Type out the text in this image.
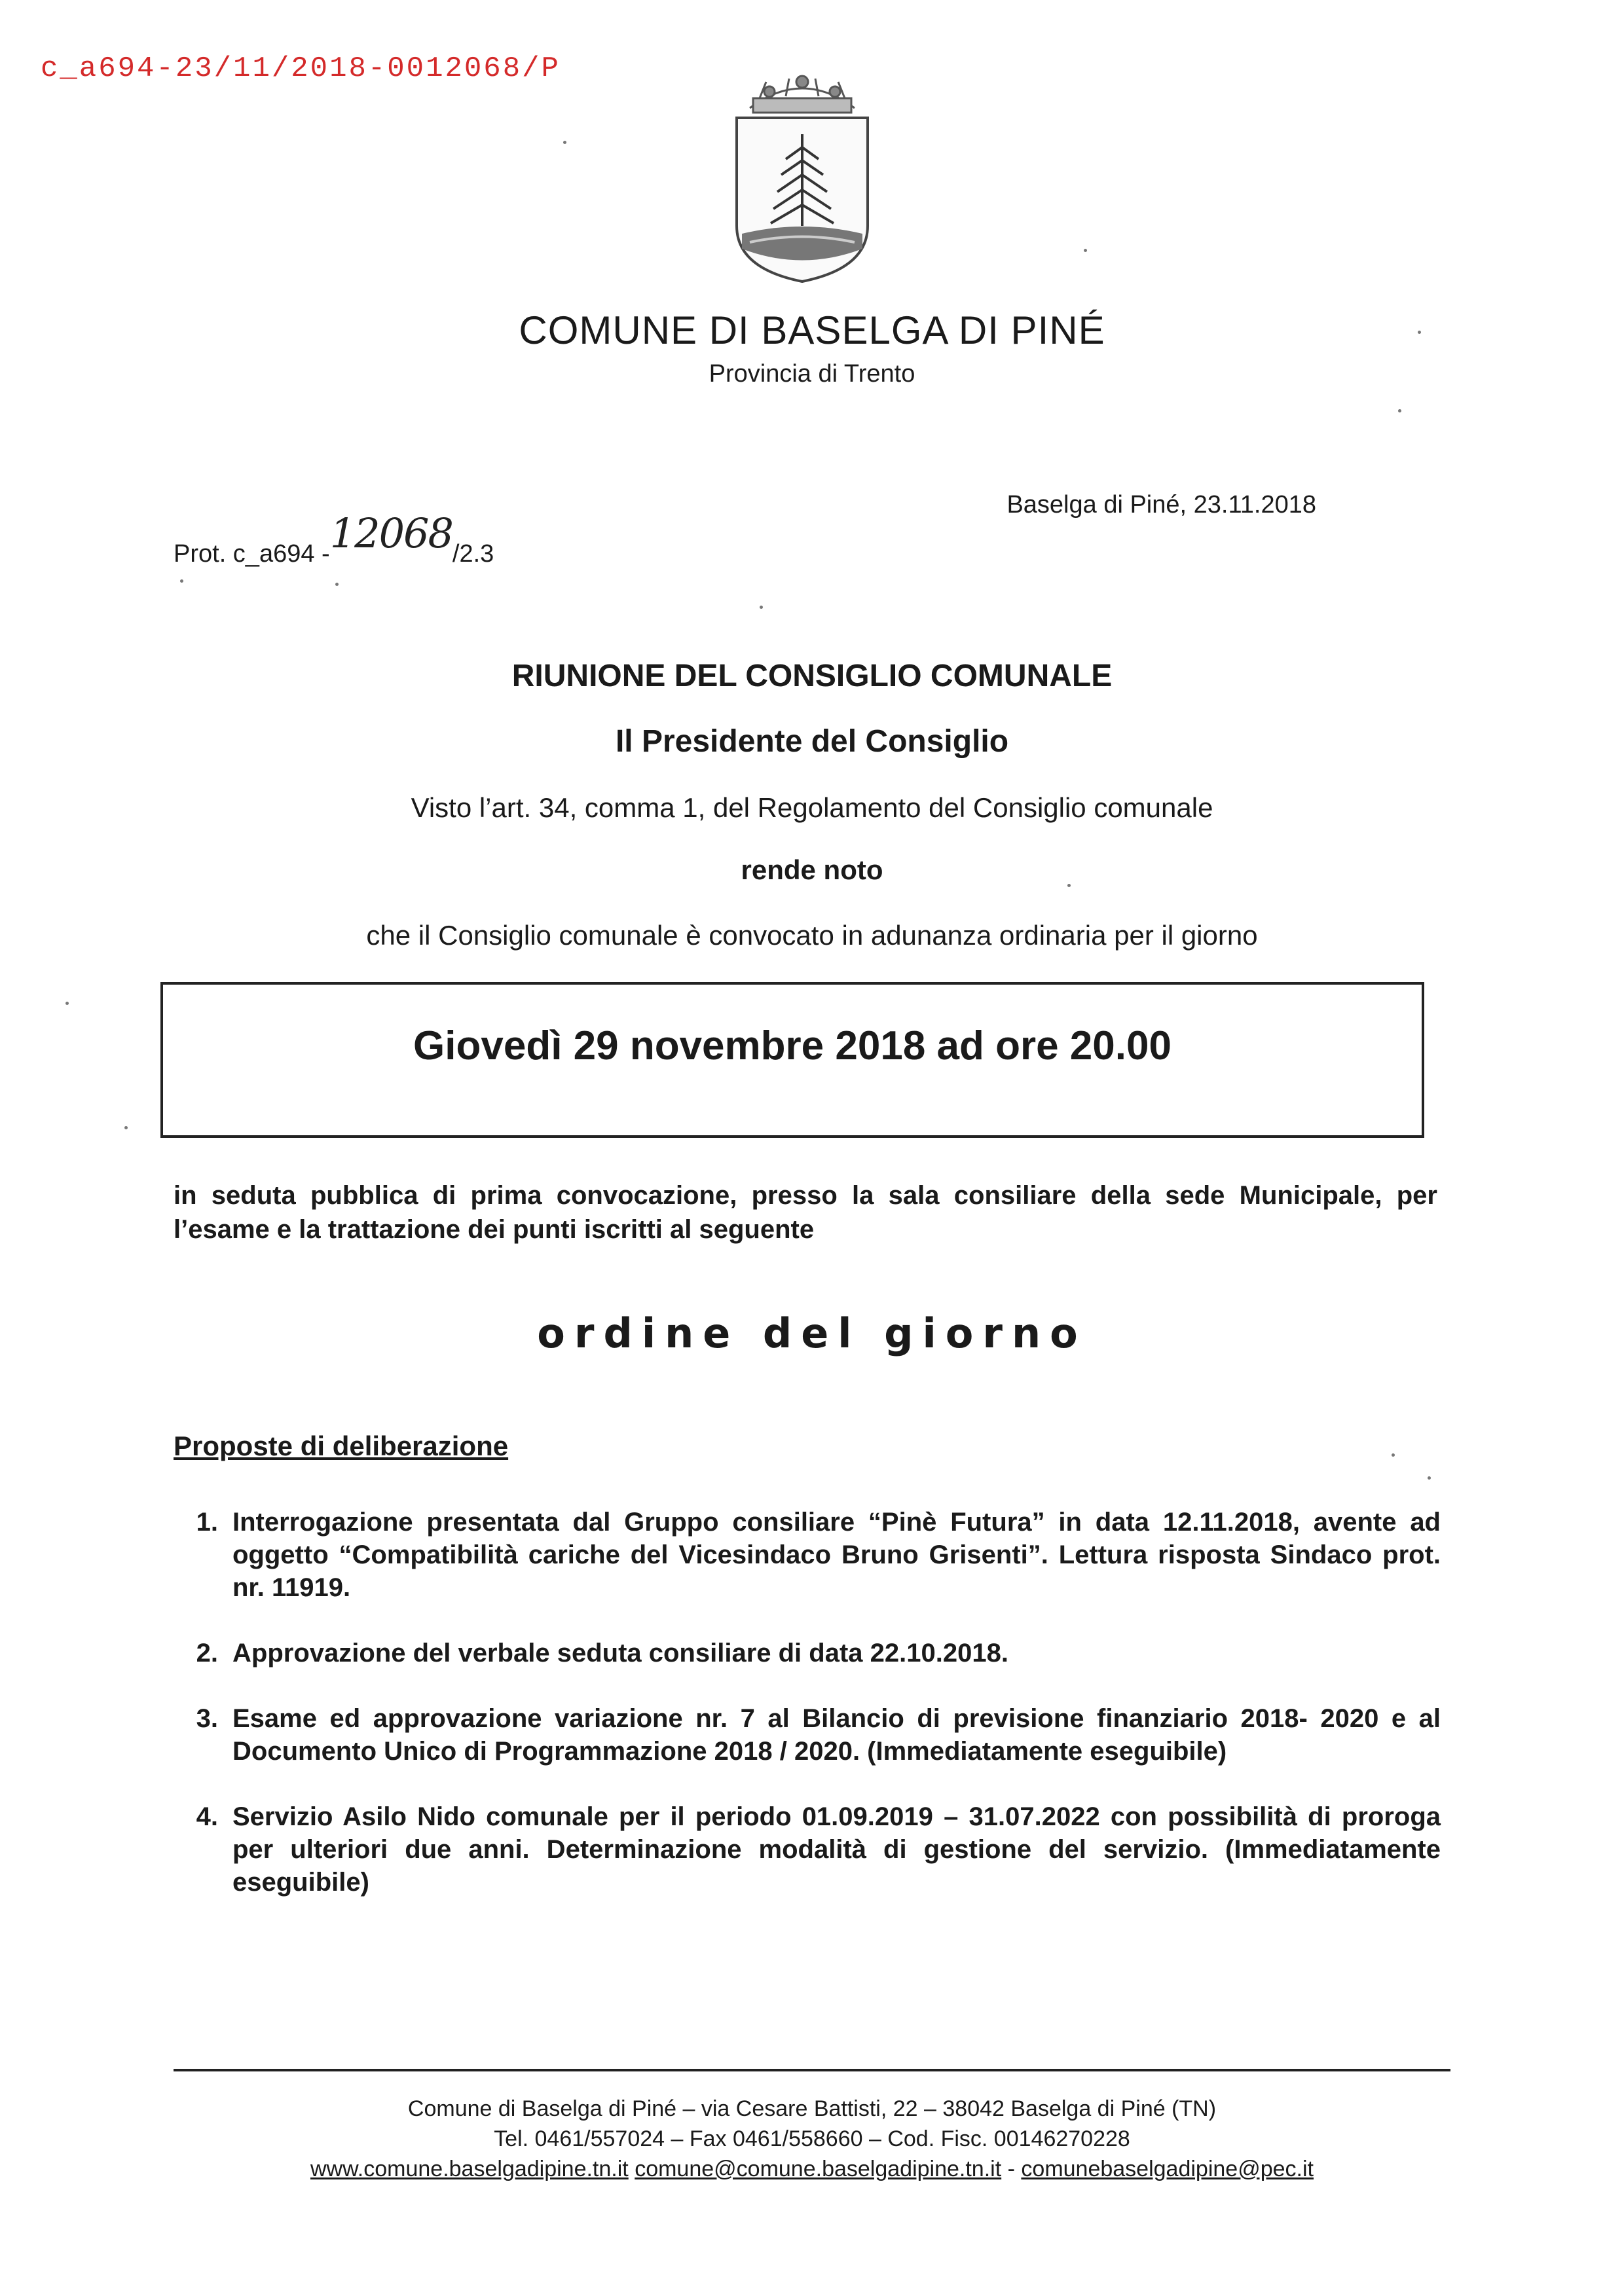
c_a694-23/11/2018-0012068/P
COMUNE DI BASELGA DI PINÉ
Provincia di Trento
Prot. c_a694 -12068/2.3
Baselga di Piné, 23.11.2018
RIUNIONE DEL CONSIGLIO COMUNALE
Il Presidente del Consiglio
Visto l’art. 34, comma 1, del Regolamento del Consiglio comunale
rende noto
che il Consiglio comunale è convocato in adunanza ordinaria per il giorno
Giovedì 29 novembre 2018 ad ore 20.00
in seduta pubblica di prima convocazione, presso la sala consiliare della sede Municipale, per l’esame e la trattazione dei punti iscritti al seguente
ordine del giorno
Proposte di deliberazione
1. Interrogazione presentata dal Gruppo consiliare “Pinè Futura” in data 12.11.2018, avente ad oggetto “Compatibilità cariche del Vicesindaco Bruno Grisenti”. Lettura risposta Sindaco prot. nr. 11919.
2. Approvazione del verbale seduta consiliare di data 22.10.2018.
3. Esame ed approvazione variazione nr. 7 al Bilancio di previsione finanziario 2018- 2020 e al Documento Unico di Programmazione 2018 / 2020. (Immediatamente eseguibile)
4. Servizio Asilo Nido comunale per il periodo 01.09.2019 – 31.07.2022 con possibilità di proroga per ulteriori due anni. Determinazione modalità di gestione del servizio. (Immediatamente eseguibile)
Comune di Baselga di Piné – via Cesare Battisti, 22 – 38042 Baselga di Piné (TN)
Tel. 0461/557024 – Fax 0461/558660 – Cod. Fisc. 00146270228
www.comune.baselgadipine.tn.it comune@comune.baselgadipine.tn.it - comunebaselgadipine@pec.it
